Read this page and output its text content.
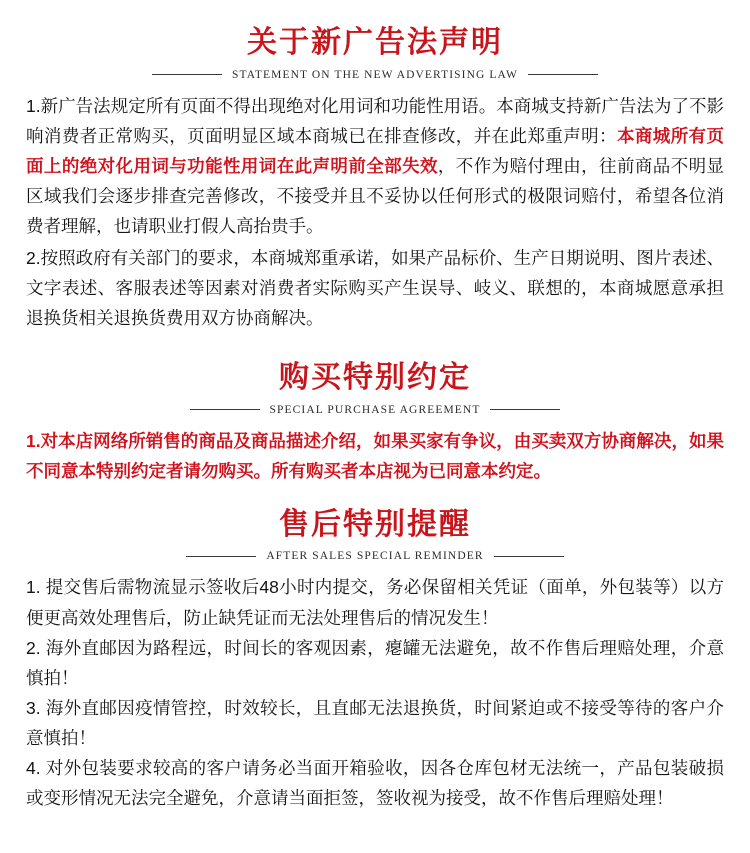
关于新广告法声明
STATEMENT ON THE NEW ADVERTISING LAW

1.新广告法规定所有页面不得出现绝对化用词和功能性用语。本商城支持新广告法为了不影响消费者正常购买，页面明显区域本商城已在排查修改，并在此郑重声明：本商城所有页面上的绝对化用词与功能性用词在此声明前全部失效，不作为赔付理由，往前商品不明显区域我们会逐步排查完善修改，不接受并且不妥协以任何形式的极限词赔付，希望各位消费者理解，也请职业打假人高抬贵手。

2.按照政府有关部门的要求，本商城郑重承诺，如果产品标价、生产日期说明、图片表述、文字表述、客服表述等因素对消费者实际购买产生误导、岐义、联想的，本商城愿意承担退换货相关退换货费用双方协商解决。

购买特别约定
SPECIAL PURCHASE AGREEMENT

1.对本店网络所销售的商品及商品描述介绍，如果买家有争议，由买卖双方协商解决，如果不同意本特别约定者请勿购买。所有购买者本店视为已同意本约定。

售后特别提醒
AFTER SALES SPECIAL REMINDER

1. 提交售后需物流显示签收后48小时内提交，务必保留相关凭证（面单，外包装等）以方便更高效处理售后，防止缺凭证而无法处理售后的情况发生！

2. 海外直邮因为路程远，时间长的客观因素，瘪罐无法避免，故不作售后理赔处理，介意慎拍！

3. 海外直邮因疫情管控，时效较长，且直邮无法退换货，时间紧迫或不接受等待的客户介意慎拍！

4. 对外包装要求较高的客户请务必当面开箱验收，因各仓库包材无法统一，产品包装破损或变形情况无法完全避免，介意请当面拒签，签收视为接受，故不作售后理赔处理！
